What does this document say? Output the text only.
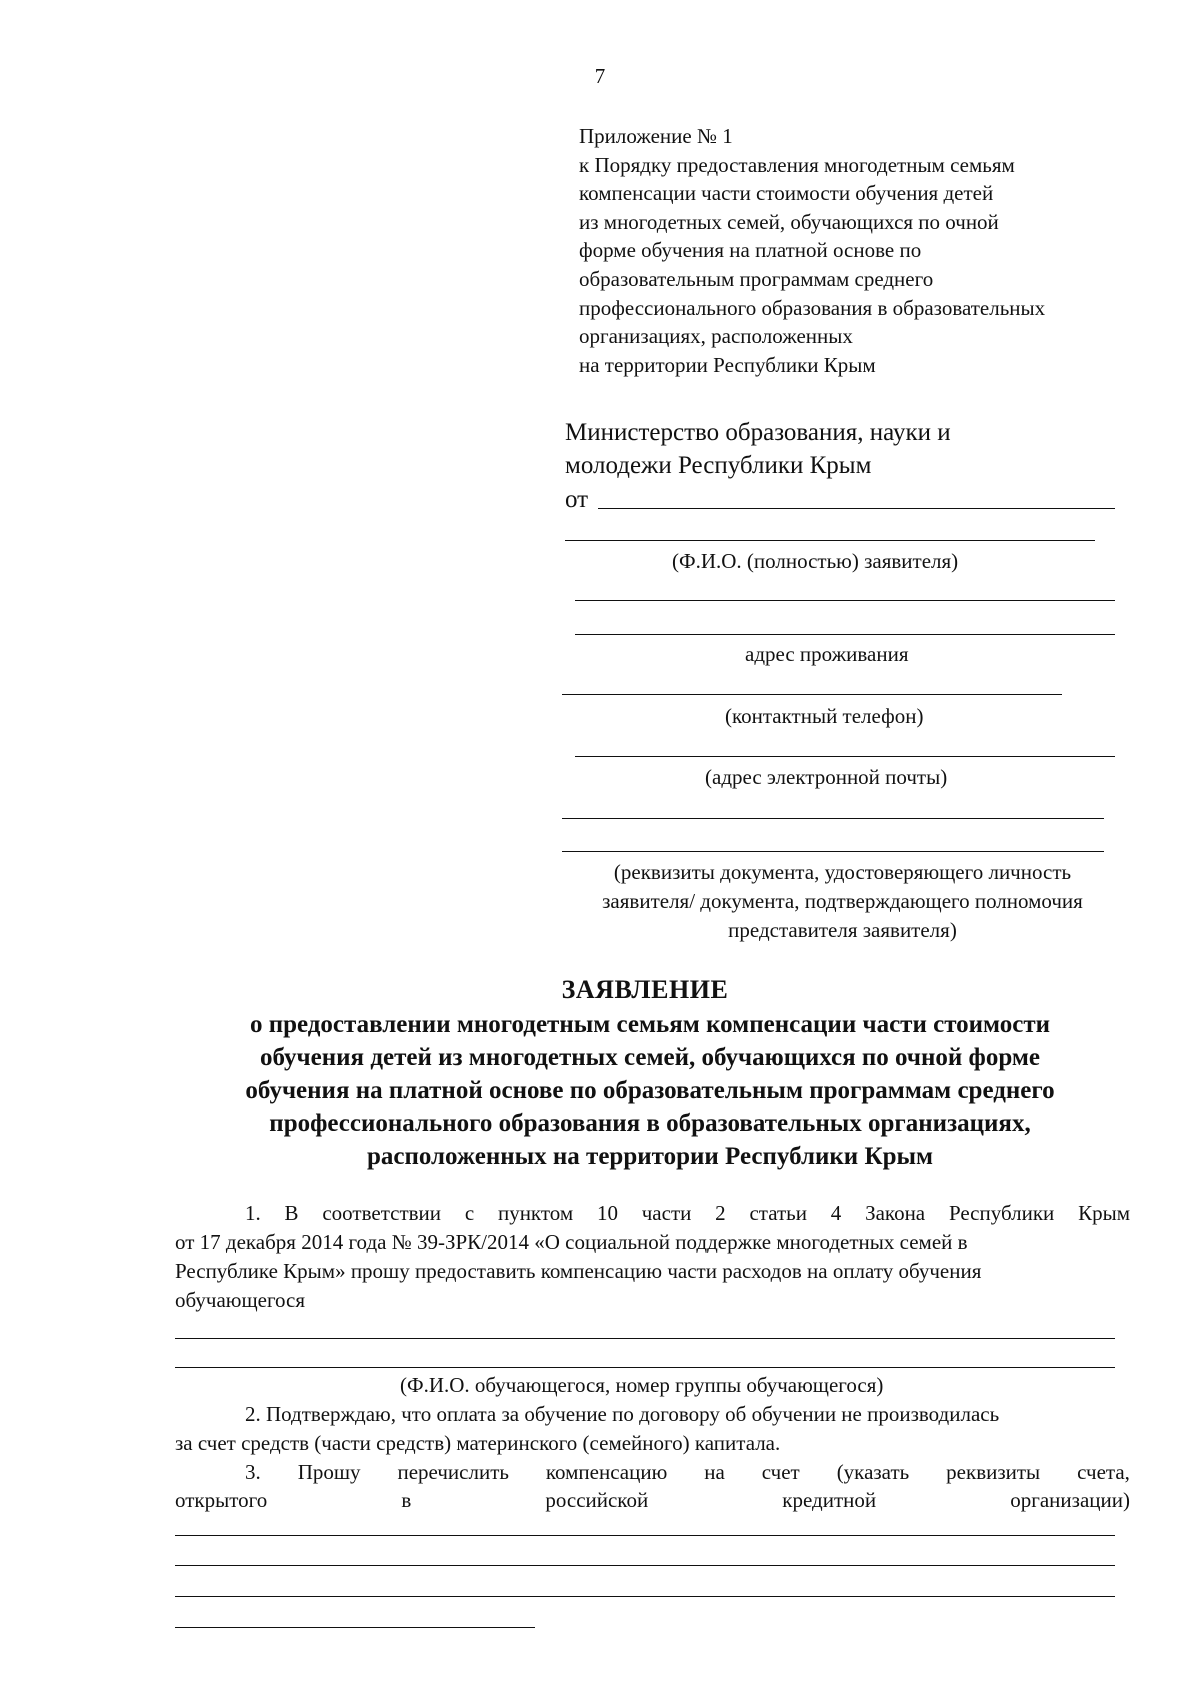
7
Приложение № 1
к Порядку предоставления многодетным семьям
компенсации части стоимости обучения детей
из многодетных семей, обучающихся по очной
форме обучения на платной основе по
образовательным программам среднего
профессионального образования в образовательных
организациях, расположенных
на территории Республики Крым
Министерство образования, науки и
молодежи Республики Крым
от
(Ф.И.О. (полностью) заявителя)
адрес проживания
(контактный телефон)
(адрес электронной почты)
(реквизиты документа, удостоверяющего личность
заявителя/ документа, подтверждающего полномочия
представителя заявителя)
ЗАЯВЛЕНИЕ
о предоставлении многодетным семьям компенсации части стоимости
обучения детей из многодетных семей, обучающихся по очной форме
обучения на платной основе по образовательным программам среднего
профессионального образования в образовательных организациях,
расположенных на территории Республики Крым
1. В соответствии с пунктом 10 части 2 статьи 4 Закона Республики Крым
от 17 декабря 2014 года № 39-ЗРК/2014 «О социальной поддержке многодетных семей в
Республике Крым» прошу предоставить компенсацию части расходов на оплату обучения
обучающегося
(Ф.И.О. обучающегося, номер группы обучающегося)
2. Подтверждаю, что оплата за обучение по договору об обучении не производилась
за счет средств (части средств) материнского (семейного) капитала.
3. Прошу перечислить компенсацию на счет (указать реквизиты счета,
открытого	в	российской	кредитной	организации)
